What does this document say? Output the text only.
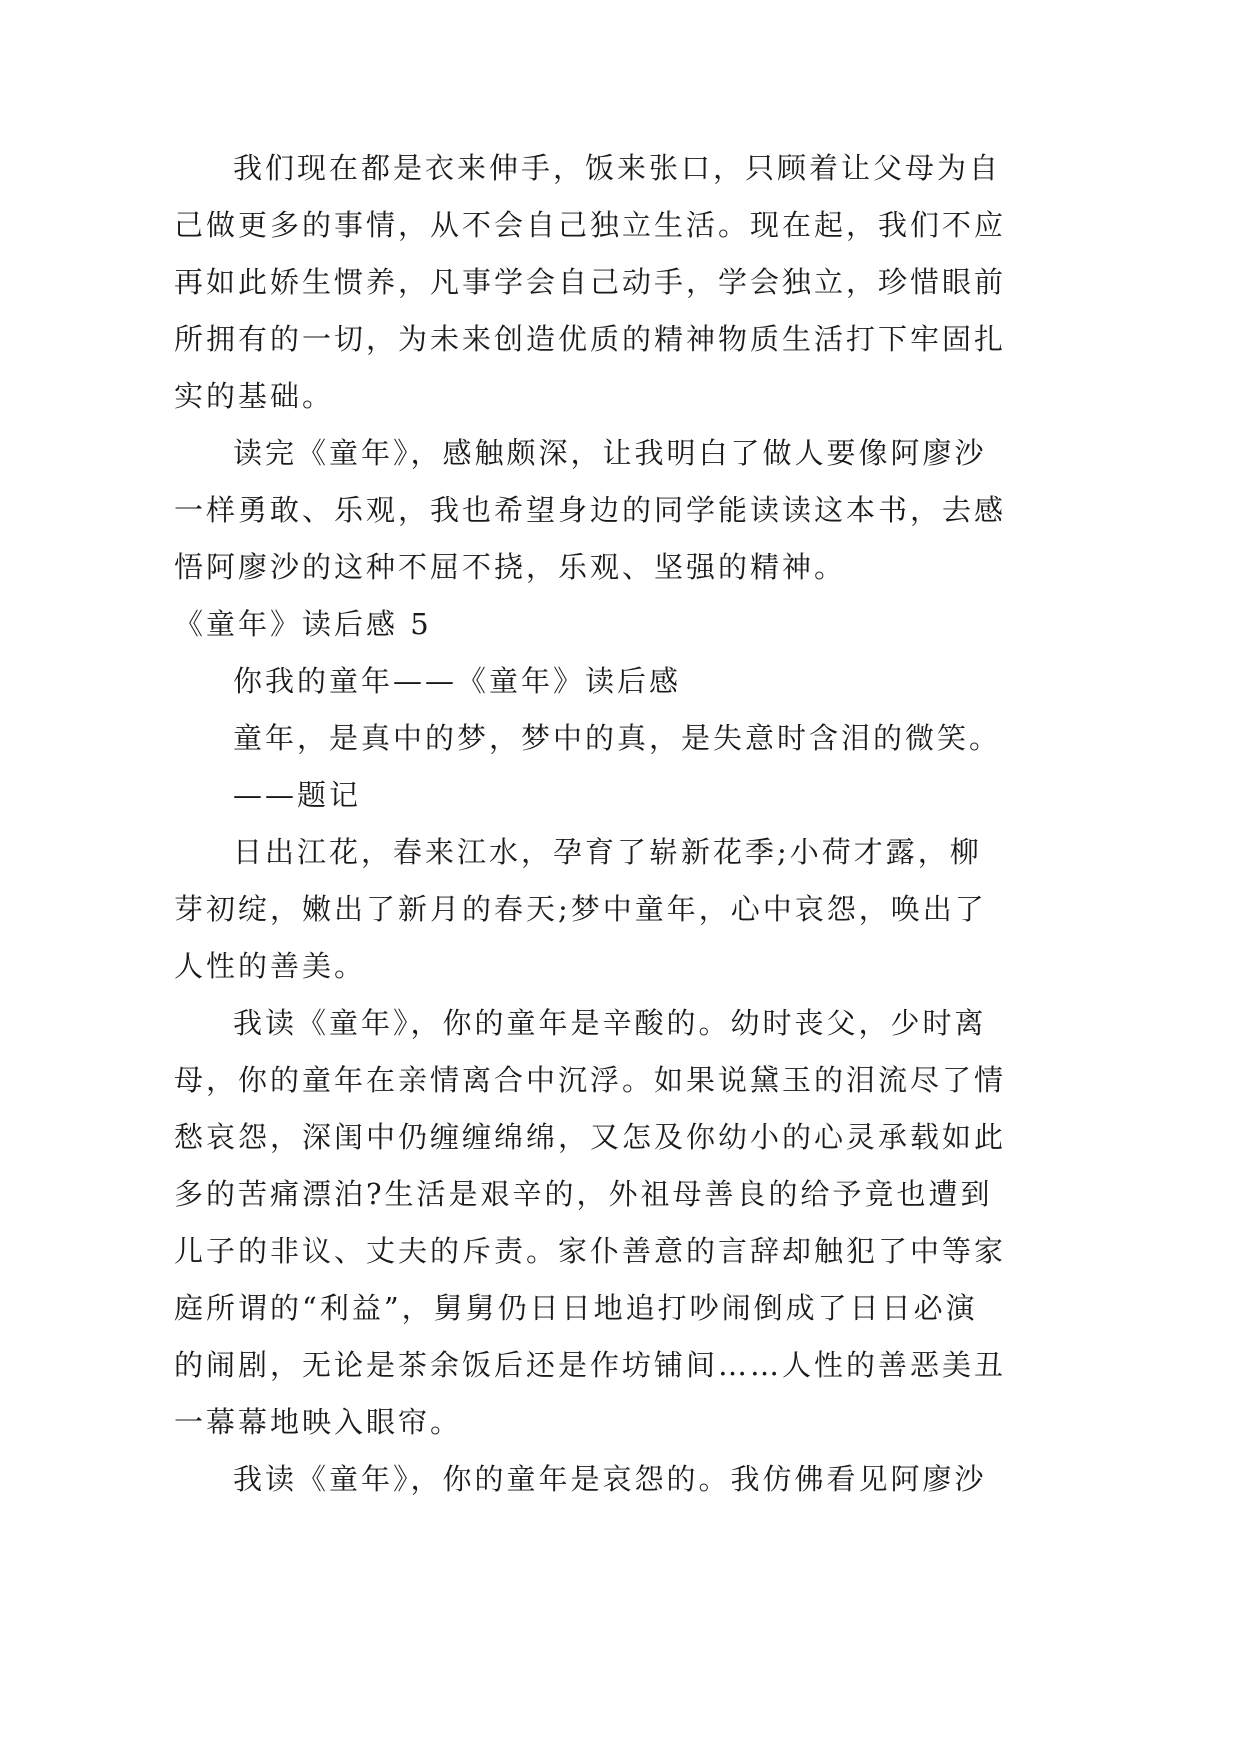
我们现在都是衣来伸手，饭来张口，只顾着让父母为自
己做更多的事情，从不会自己独立生活。现在起，我们不应
再如此娇生惯养，凡事学会自己动手，学会独立，珍惜眼前
所拥有的一切，为未来创造优质的精神物质生活打下牢固扎
实的基础。
读完《童年》，感触颇深，让我明白了做人要像阿廖沙
一样勇敢、乐观，我也希望身边的同学能读读这本书，去感
悟阿廖沙的这种不屈不挠，乐观、坚强的精神。
《童年》读后感 5
你我的童年——《童年》读后感
童年，是真中的梦，梦中的真，是失意时含泪的微笑。
——题记
日出江花，春来江水，孕育了崭新花季;小荷才露，柳
芽初绽，嫩出了新月的春天;梦中童年，心中哀怨，唤出了
人性的善美。
我读《童年》，你的童年是辛酸的。幼时丧父，少时离
母，你的童年在亲情离合中沉浮。如果说黛玉的泪流尽了情
愁哀怨，深闺中仍缠缠绵绵，又怎及你幼小的心灵承载如此
多的苦痛漂泊?生活是艰辛的，外祖母善良的给予竟也遭到
儿子的非议、丈夫的斥责。家仆善意的言辞却触犯了中等家
庭所谓的“利益”，舅舅仍日日地追打吵闹倒成了日日必演
的闹剧，无论是茶余饭后还是作坊铺间……人性的善恶美丑
一幕幕地映入眼帘。
我读《童年》，你的童年是哀怨的。我仿佛看见阿廖沙
